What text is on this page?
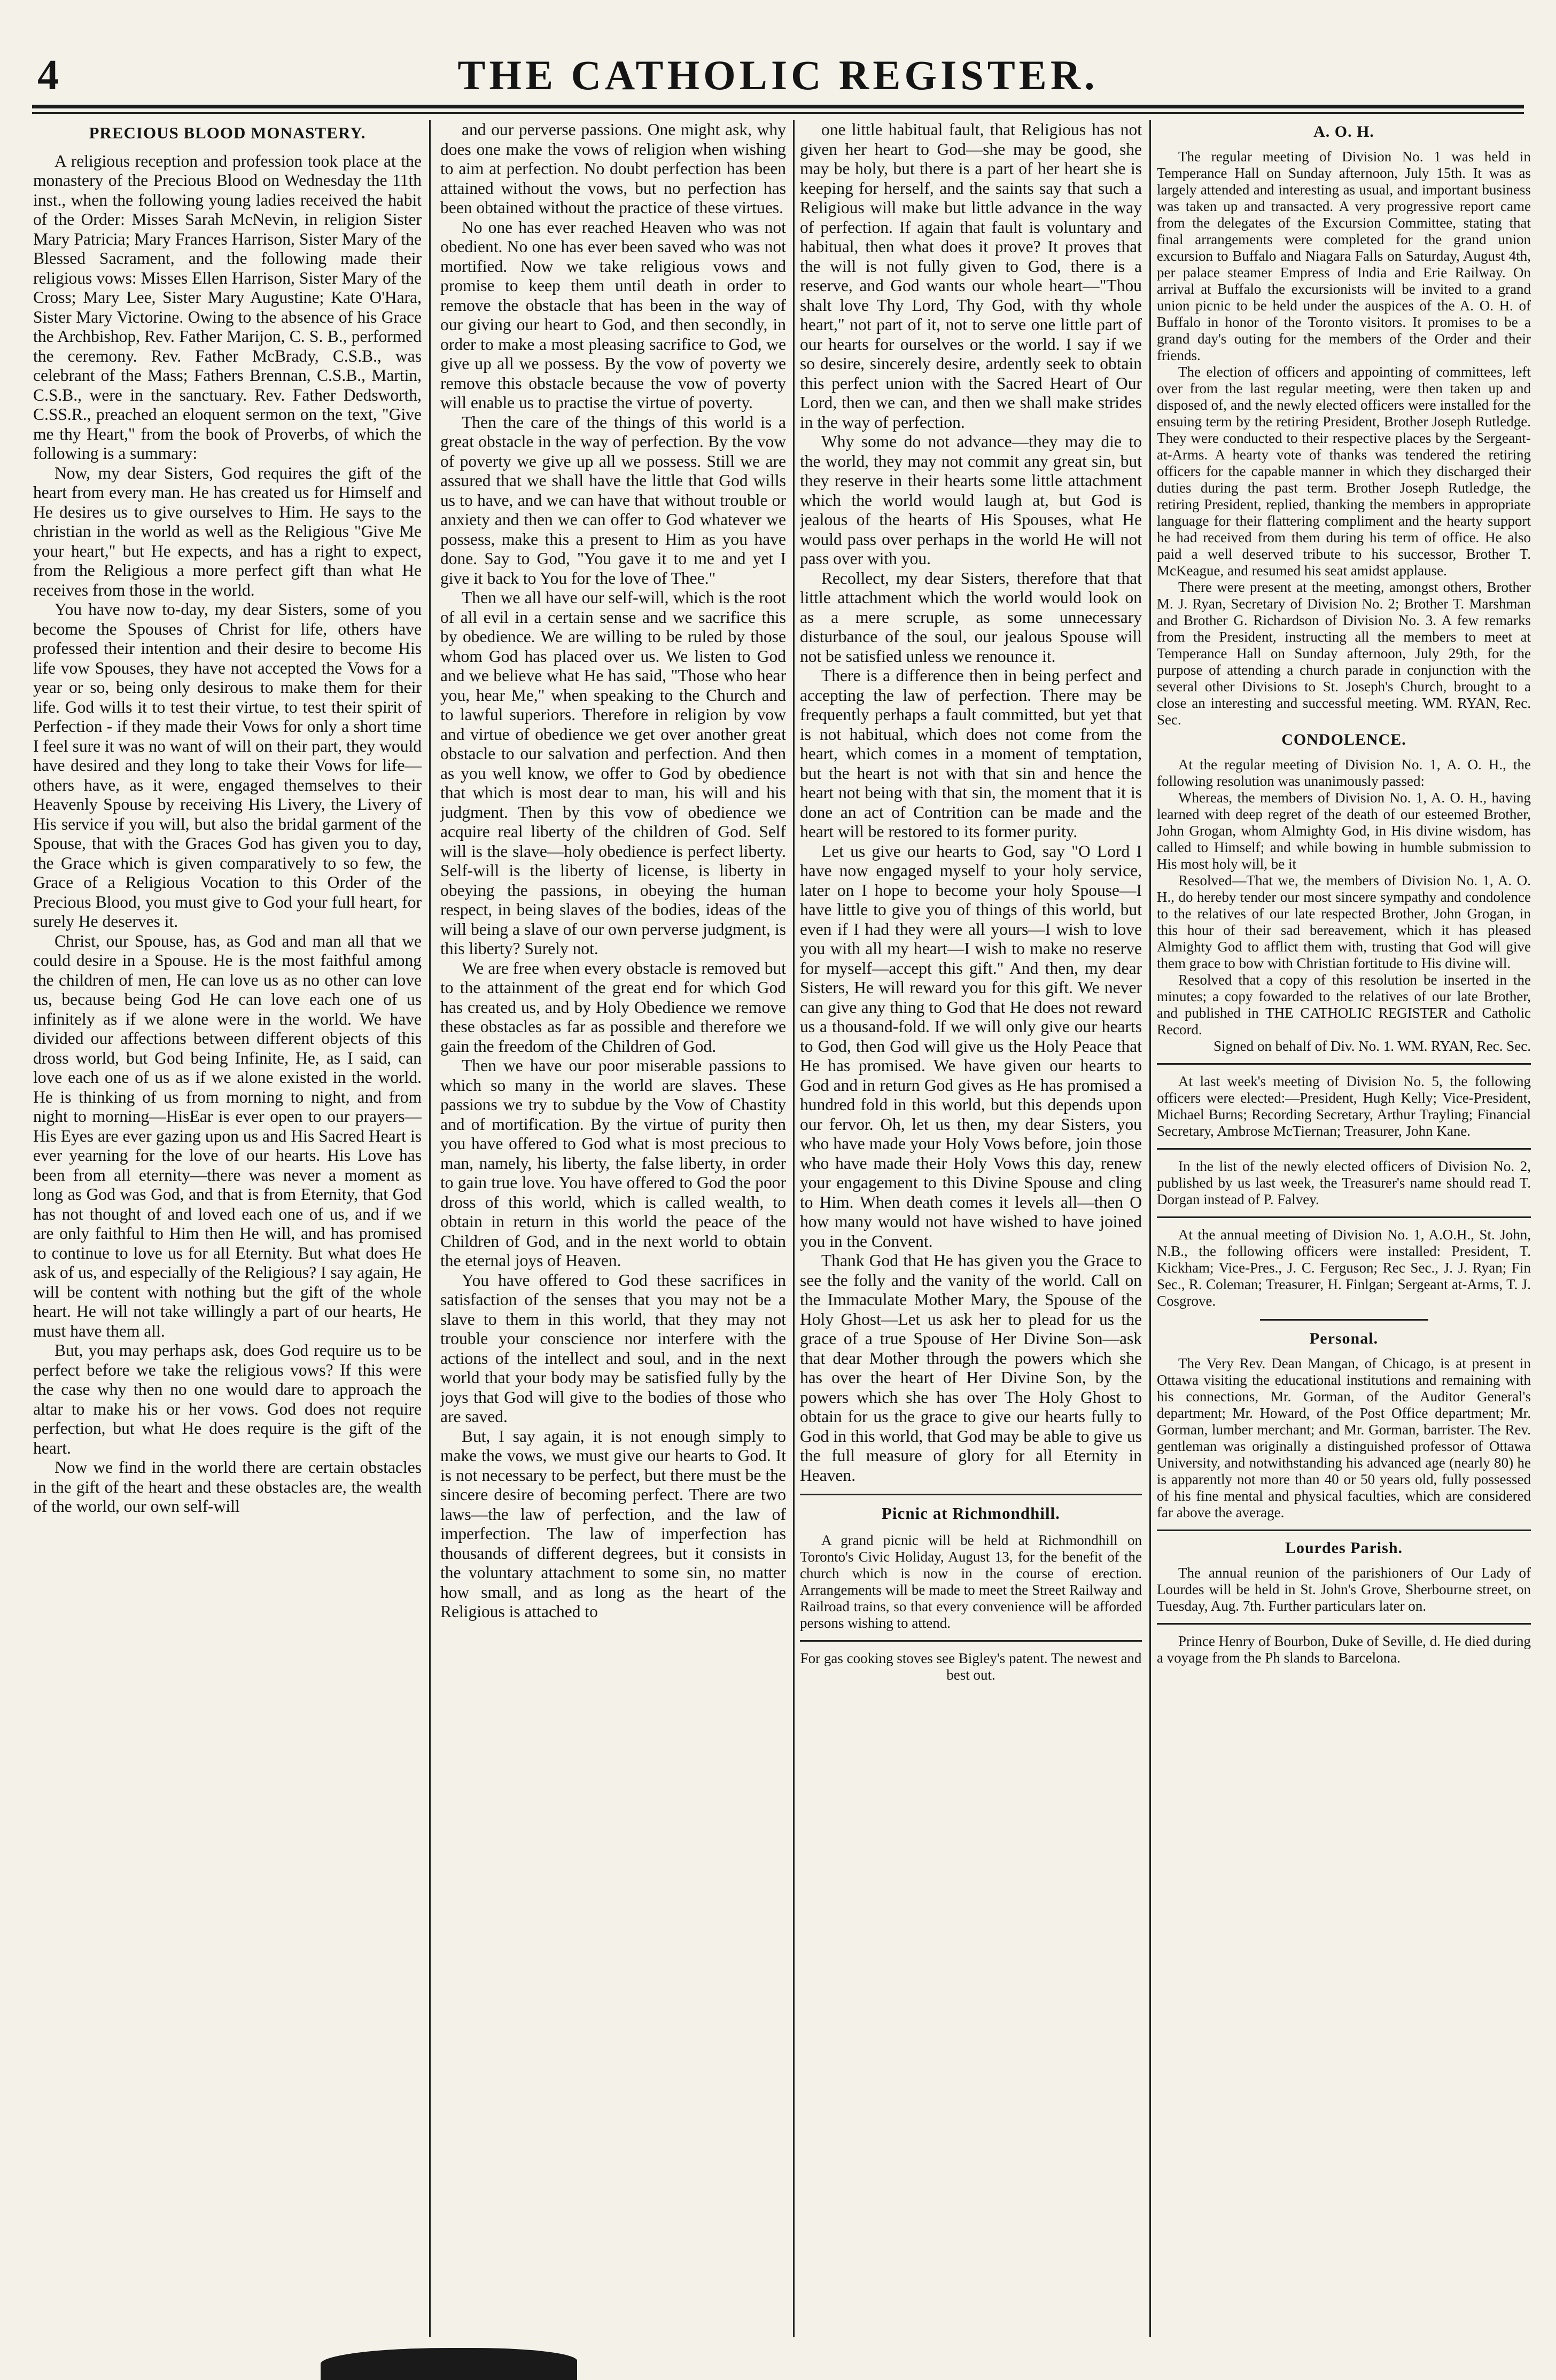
4	THE CATHOLIC REGISTER.
PRECIOUS BLOOD MONASTERY.

A religious reception and profession took place at the monastery of the Precious Blood on Wednesday the 11th inst., when the following young ladies received the habit of the Order: Misses Sarah McNevin, in religion Sister Mary Patricia; Mary Frances Harrison, Sister Mary of the Blessed Sacrament, and the following made their religious vows: Misses Ellen Harrison, Sister Mary of the Cross; Mary Lee, Sister Mary Augustine; Kate O'Hara, Sister Mary Victorine. Owing to the absence of his Grace the Archbishop, Rev. Father Marijon, C. S. B., performed the ceremony. Rev. Father McBrady, C.S.B., was celebrant of the Mass; Fathers Brennan, C.S.B., Martin, C.S.B., were in the sanctuary. Rev. Father Dedsworth, C.SS.R., preached an eloquent sermon on the text, "Give me thy Heart," from the book of Proverbs, of which the following is a summary:

Now, my dear Sisters, God requires the gift of the heart from every man. He has created us for Himself and He desires us to give ourselves to Him. He says to the christian in the world as well as the Religious "Give Me your heart," but He expects, and has a right to expect, from the Religious a more perfect gift than what He receives from those in the world.

You have now to-day, my dear Sisters, some of you become the Spouses of Christ for life, others have professed their intention and their desire to become His life vow Spouses, they have not accepted the Vows for a year or so, being only desirous to make them for their life. God wills it to test their virtue, to test their spirit of Perfection - if they made their Vows for only a short time I feel sure it was no want of will on their part, they would have desired and they long to take their Vows for life—others have, as it were, engaged themselves to their Heavenly Spouse by receiving His Livery, the Livery of His service if you will, but also the bridal garment of the Spouse, that with the Graces God has given you to day, the Grace which is given comparatively to so few, the Grace of a Religious Vocation to this Order of the Precious Blood, you must give to God your full heart, for surely He deserves it.

Christ, our Spouse, has, as God and man all that we could desire in a Spouse. He is the most faithful among the children of men, He can love us as no other can love us, because being God He can love each one of us infinitely as if we alone were in the world. We have divided our affections between different objects of this dross world, but God being Infinite, He, as I said, can love each one of us as if we alone existed in the world. He is thinking of us from morning to night, and from night to morning—HisEar is ever open to our prayers—His Eyes are ever gazing upon us and His Sacred Heart is ever yearning for the love of our hearts. His Love has been from all eternity—there was never a moment as long as God was God, and that is from Eternity, that God has not thought of and loved each one of us, and if we are only faithful to Him then He will, and has promised to continue to love us for all Eternity. But what does He ask of us, and especially of the Religious? I say again, He will be content with nothing but the gift of the whole heart. He will not take willingly a part of our hearts, He must have them all.

But, you may perhaps ask, does God require us to be perfect before we take the religious vows? If this were the case why then no one would dare to approach the altar to make his or her vows. God does not require perfection, but what He does require is the gift of the heart.

Now we find in the world there are certain obstacles in the gift of the heart and these obstacles are, the wealth of the world, our own self-will

and our perverse passions. One might ask, why does one make the vows of religion when wishing to aim at perfection. No doubt perfection has been attained without the vows, but no perfection has been obtained without the practice of these virtues.

No one has ever reached Heaven who was not obedient. No one has ever been saved who was not mortified. Now we take religious vows and promise to keep them until death in order to remove the obstacle that has been in the way of our giving our heart to God, and then secondly, in order to make a most pleasing sacrifice to God, we give up all we possess. By the vow of poverty we remove this obstacle because the vow of poverty will enable us to practise the virtue of poverty.

Then the care of the things of this world is a great obstacle in the way of perfection. By the vow of poverty we give up all we possess. Still we are assured that we shall have the little that God wills us to have, and we can have that without trouble or anxiety and then we can offer to God whatever we possess, make this a present to Him as you have done. Say to God, "You gave it to me and yet I give it back to You for the love of Thee."

Then we all have our self-will, which is the root of all evil in a certain sense and we sacrifice this by obedience. We are willing to be ruled by those whom God has placed over us. We listen to God and we believe what He has said, "Those who hear you, hear Me," when speaking to the Church and to lawful superiors. Therefore in religion by vow and virtue of obedience we get over another great obstacle to our salvation and perfection. And then as you well know, we offer to God by obedience that which is most dear to man, his will and his judgment. Then by this vow of obedience we acquire real liberty of the children of God. Self will is the slave—holy obedience is perfect liberty. Self-will is the liberty of license, is liberty in obeying the passions, in obeying the human respect, in being slaves of the bodies, ideas of the will being a slave of our own perverse judgment, is this liberty? Surely not.

We are free when every obstacle is removed but to the attainment of the great end for which God has created us, and by Holy Obedience we remove these obstacles as far as possible and therefore we gain the freedom of the Children of God.

Then we have our poor miserable passions to which so many in the world are slaves. These passions we try to subdue by the Vow of Chastity and of mortification. By the virtue of purity then you have offered to God what is most precious to man, namely, his liberty, the false liberty, in order to gain true love. You have offered to God the poor dross of this world, which is called wealth, to obtain in return in this world the peace of the Children of God, and in the next world to obtain the eternal joys of Heaven.

You have offered to God these sacrifices in satisfaction of the senses that you may not be a slave to them in this world, that they may not trouble your conscience nor interfere with the actions of the intellect and soul, and in the next world that your body may be satisfied fully by the joys that God will give to the bodies of those who are saved.

But, I say again, it is not enough simply to make the vows, we must give our hearts to God. It is not necessary to be perfect, but there must be the sincere desire of becoming perfect. There are two laws—the law of perfection, and the law of imperfection. The law of imperfection has thousands of different degrees, but it consists in the voluntary attachment to some sin, no matter how small, and as long as the heart of the Religious is attached to

one little habitual fault, that Religious has not given her heart to God—she may be good, she may be holy, but there is a part of her heart she is keeping for herself, and the saints say that such a Religious will make but little advance in the way of perfection. If again that fault is voluntary and habitual, then what does it prove? It proves that the will is not fully given to God, there is a reserve, and God wants our whole heart—"Thou shalt love Thy Lord, Thy God, with thy whole heart," not part of it, not to serve one little part of our hearts for ourselves or the world. I say if we so desire, sincerely desire, ardently seek to obtain this perfect union with the Sacred Heart of Our Lord, then we can, and then we shall make strides in the way of perfection.

Why some do not advance—they may die to the world, they may not commit any great sin, but they reserve in their hearts some little attachment which the world would laugh at, but God is jealous of the hearts of His Spouses, what He would pass over perhaps in the world He will not pass over with you.

Recollect, my dear Sisters, therefore that that little attachment which the world would look on as a mere scruple, as some unnecessary disturbance of the soul, our jealous Spouse will not be satisfied unless we renounce it.

There is a difference then in being perfect and accepting the law of perfection. There may be frequently perhaps a fault committed, but yet that is not habitual, which does not come from the heart, which comes in a moment of temptation, but the heart is not with that sin and hence the heart not being with that sin, the moment that it is done an act of Contrition can be made and the heart will be restored to its former purity.

Let us give our hearts to God, say "O Lord I have now engaged myself to your holy service, later on I hope to become your holy Spouse—I have little to give you of things of this world, but even if I had they were all yours—I wish to love you with all my heart—I wish to make no reserve for myself—accept this gift." And then, my dear Sisters, He will reward you for this gift. We never can give any thing to God that He does not reward us a thousand-fold. If we will only give our hearts to God, then God will give us the Holy Peace that He has promised. We have given our hearts to God and in return God gives as He has promised a hundred fold in this world, but this depends upon our fervor. Oh, let us then, my dear Sisters, you who have made your Holy Vows before, join those who have made their Holy Vows this day, renew your engagement to this Divine Spouse and cling to Him. When death comes it levels all—then O how many would not have wished to have joined you in the Convent.

Thank God that He has given you the Grace to see the folly and the vanity of the world. Call on the Immaculate Mother Mary, the Spouse of the Holy Ghost—Let us ask her to plead for us the grace of a true Spouse of Her Divine Son—ask that dear Mother through the powers which she has over the heart of Her Divine Son, by the powers which she has over The Holy Ghost to obtain for us the grace to give our hearts fully to God in this world, that God may be able to give us the full measure of glory for all Eternity in Heaven.

Picnic at Richmondhill.

A grand picnic will be held at Richmondhill on Toronto's Civic Holiday, August 13, for the benefit of the church which is now in the course of erection. Arrangements will be made to meet the Street Railway and Railroad trains, so that every convenience will be afforded persons wishing to attend.

For gas cooking stoves see Bigley's patent. The newest and best out.
A. O. H.

The regular meeting of Division No. 1 was held in Temperance Hall on Sunday afternoon, July 15th. It was as largely attended and interesting as usual, and important business was taken up and transacted. A very progressive report came from the delegates of the Excursion Committee, stating that final arrangements were completed for the grand union excursion to Buffalo and Niagara Falls on Saturday, August 4th, per palace steamer Empress of India and Erie Railway. On arrival at Buffalo the excursionists will be invited to a grand union picnic to be held under the auspices of the A. O. H. of Buffalo in honor of the Toronto visitors. It promises to be a grand day's outing for the members of the Order and their friends.

The election of officers and appointing of committees, left over from the last regular meeting, were then taken up and disposed of, and the newly elected officers were installed for the ensuing term by the retiring President, Brother Joseph Rutledge. They were conducted to their respective places by the Sergeant-at-Arms. A hearty vote of thanks was tendered the retiring officers for the capable manner in which they discharged their duties during the past term. Brother Joseph Rutledge, the retiring President, replied, thanking the members in appropriate language for their flattering compliment and the hearty support he had received from them during his term of office. He also paid a well deserved tribute to his successor, Brother T. McKeague, and resumed his seat amidst applause.

There were present at the meeting, amongst others, Brother M. J. Ryan, Secretary of Division No. 2; Brother T. Marshman and Brother G. Richardson of Division No. 3. A few remarks from the President, instructing all the members to meet at Temperance Hall on Sunday afternoon, July 29th, for the purpose of attending a church parade in conjunction with the several other Divisions to St. Joseph's Church, brought to a close an interesting and successful meeting. WM. RYAN, Rec. Sec.

CONDOLENCE.

At the regular meeting of Division No. 1, A. O. H., the following resolution was unanimously passed:

Whereas, the members of Division No. 1, A. O. H., having learned with deep regret of the death of our esteemed Brother, John Grogan, whom Almighty God, in His divine wisdom, has called to Himself; and while bowing in humble submission to His most holy will, be it

Resolved—That we, the members of Division No. 1, A. O. H., do hereby tender our most sincere sympathy and condolence to the relatives of our late respected Brother, John Grogan, in this hour of their sad bereavement, which it has pleased Almighty God to afflict them with, trusting that God will give them grace to bow with Christian fortitude to His divine will.

Resolved that a copy of this resolution be inserted in the minutes; a copy fowarded to the relatives of our late Brother, and published in THE CATHOLIC REGISTER and Catholic Record.

Signed on behalf of Div. No. 1. WM. RYAN, Rec. Sec.

At last week's meeting of Division No. 5, the following officers were elected:—President, Hugh Kelly; Vice-President, Michael Burns; Recording Secretary, Arthur Trayling; Financial Secretary, Ambrose McTiernan; Treasurer, John Kane.

In the list of the newly elected officers of Division No. 2, published by us last week, the Treasurer's name should read T. Dorgan instead of P. Falvey.

At the annual meeting of Division No. 1, A.O.H., St. John, N.B., the following officers were installed: President, T. Kickham; Vice-Pres., J. C. Ferguson; Rec Sec., J. J. Ryan; Fin Sec., R. Coleman; Treasurer, H. Finlgan; Sergeant at-Arms, T. J. Cosgrove.

Personal.

The Very Rev. Dean Mangan, of Chicago, is at present in Ottawa visiting the educational institutions and remaining with his connections, Mr. Gorman, of the Auditor General's department; Mr. Howard, of the Post Office department; Mr. Gorman, lumber merchant; and Mr. Gorman, barrister. The Rev. gentleman was originally a distinguished professor of Ottawa University, and notwithstanding his advanced age (nearly 80) he is apparently not more than 40 or 50 years old, fully possessed of his fine mental and physical faculties, which are considered far above the average.

Lourdes Parish.

The annual reunion of the parishioners of Our Lady of Lourdes will be held in St. John's Grove, Sherbourne street, on Tuesday, Aug. 7th. Further particulars later on.

Prince Henry of Bourbon, Duke of Seville, d. He died during a voyage from the Ph slands to Barcelona.
